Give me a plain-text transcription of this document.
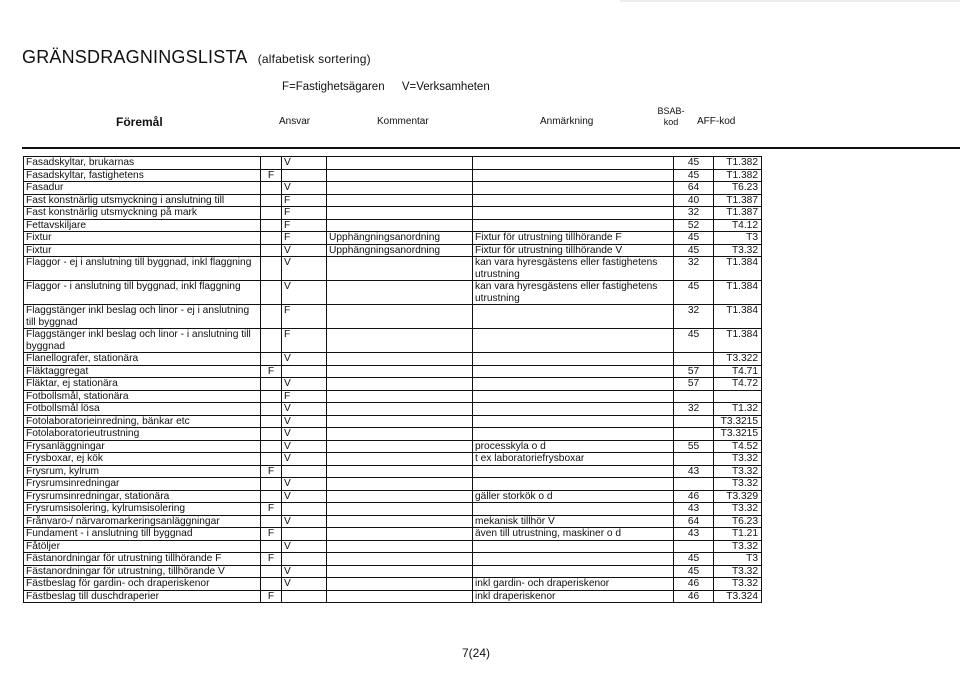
GRÄNSDRAGNINGSLISTA (alfabetisk sortering)
F=Fastighetsägaren V=Verksamheten
Föremål	Ansvar	Kommentar	Anmärkning
BSAB-kod	AFF-kod
Fasadskyltar, brukarnas		V			45	T1.382
Fasadskyltar, fastighetens	F				45	T1.382
Fasadur		V			64	T6.23
Fast konstnärlig utsmyckning i anslutning till		F			40	T1.387
Fast konstnärlig utsmyckning på mark		F			32	T1.387
Fettavskiljare		F			52	T4.12
Fixtur		F	Upphängningsanordning	Fixtur för utrustning tillhörande F	45	T3
Fixtur		V	Upphängningsanordning	Fixtur för utrustning tillhörande V	45	T3.32
Flaggor - ej i anslutning till byggnad, inkl flaggning		V		kan vara hyresgästens eller fastighetens utrustning	32	T1.384
Flaggor - i anslutning till byggnad, inkl flaggning		V		kan vara hyresgästens eller fastighetens utrustning	45	T1.384
Flaggstänger inkl beslag och linor - ej i anslutning till byggnad		F			32	T1.384
Flaggstänger inkl beslag och linor - i anslutning till byggnad		F			45	T1.384
Flanellografer, stationära		V				T3.322
Fläktaggregat	F				57	T4.71
Fläktar, ej stationära		V			57	T4.72
Fotbollsmål, stationära		F				
Fotbollsmål lösa		V			32	T1.32
Fotolaboratorieinredning, bänkar etc		V				T3.3215
Fotolaboratorieutrustning		V				T3.3215
Frysanläggningar		V		processkyla o d	55	T4.52
Frysboxar, ej kök		V		t ex laboratoriefrysboxar		T3.32
Frysrum, kylrum	F				43	T3.32
Frysrumsinredningar		V				T3.32
Frysrumsinredningar, stationära		V		gäller storkök o d	46	T3.329
Frysrumsisolering, kylrumsisolering	F				43	T3.32
Frånvaro-/ närvaromarkeringsanläggningar		V		mekanisk tillhör V	64	T6.23
Fundament - i anslutning till byggnad	F			även till utrustning, maskiner o d	43	T1.21
Fåtöljer		V				T3.32
Fästanordningar för utrustning tillhörande F	F				45	T3
Fästanordningar för utrustning, tillhörande V		V			45	T3.32
Fästbeslag för gardin- och draperiskenor		V		inkl gardin- och draperiskenor	46	T3.32
Fästbeslag till duschdraperier	F			inkl draperiskenor	46	T3.324
7(24)
